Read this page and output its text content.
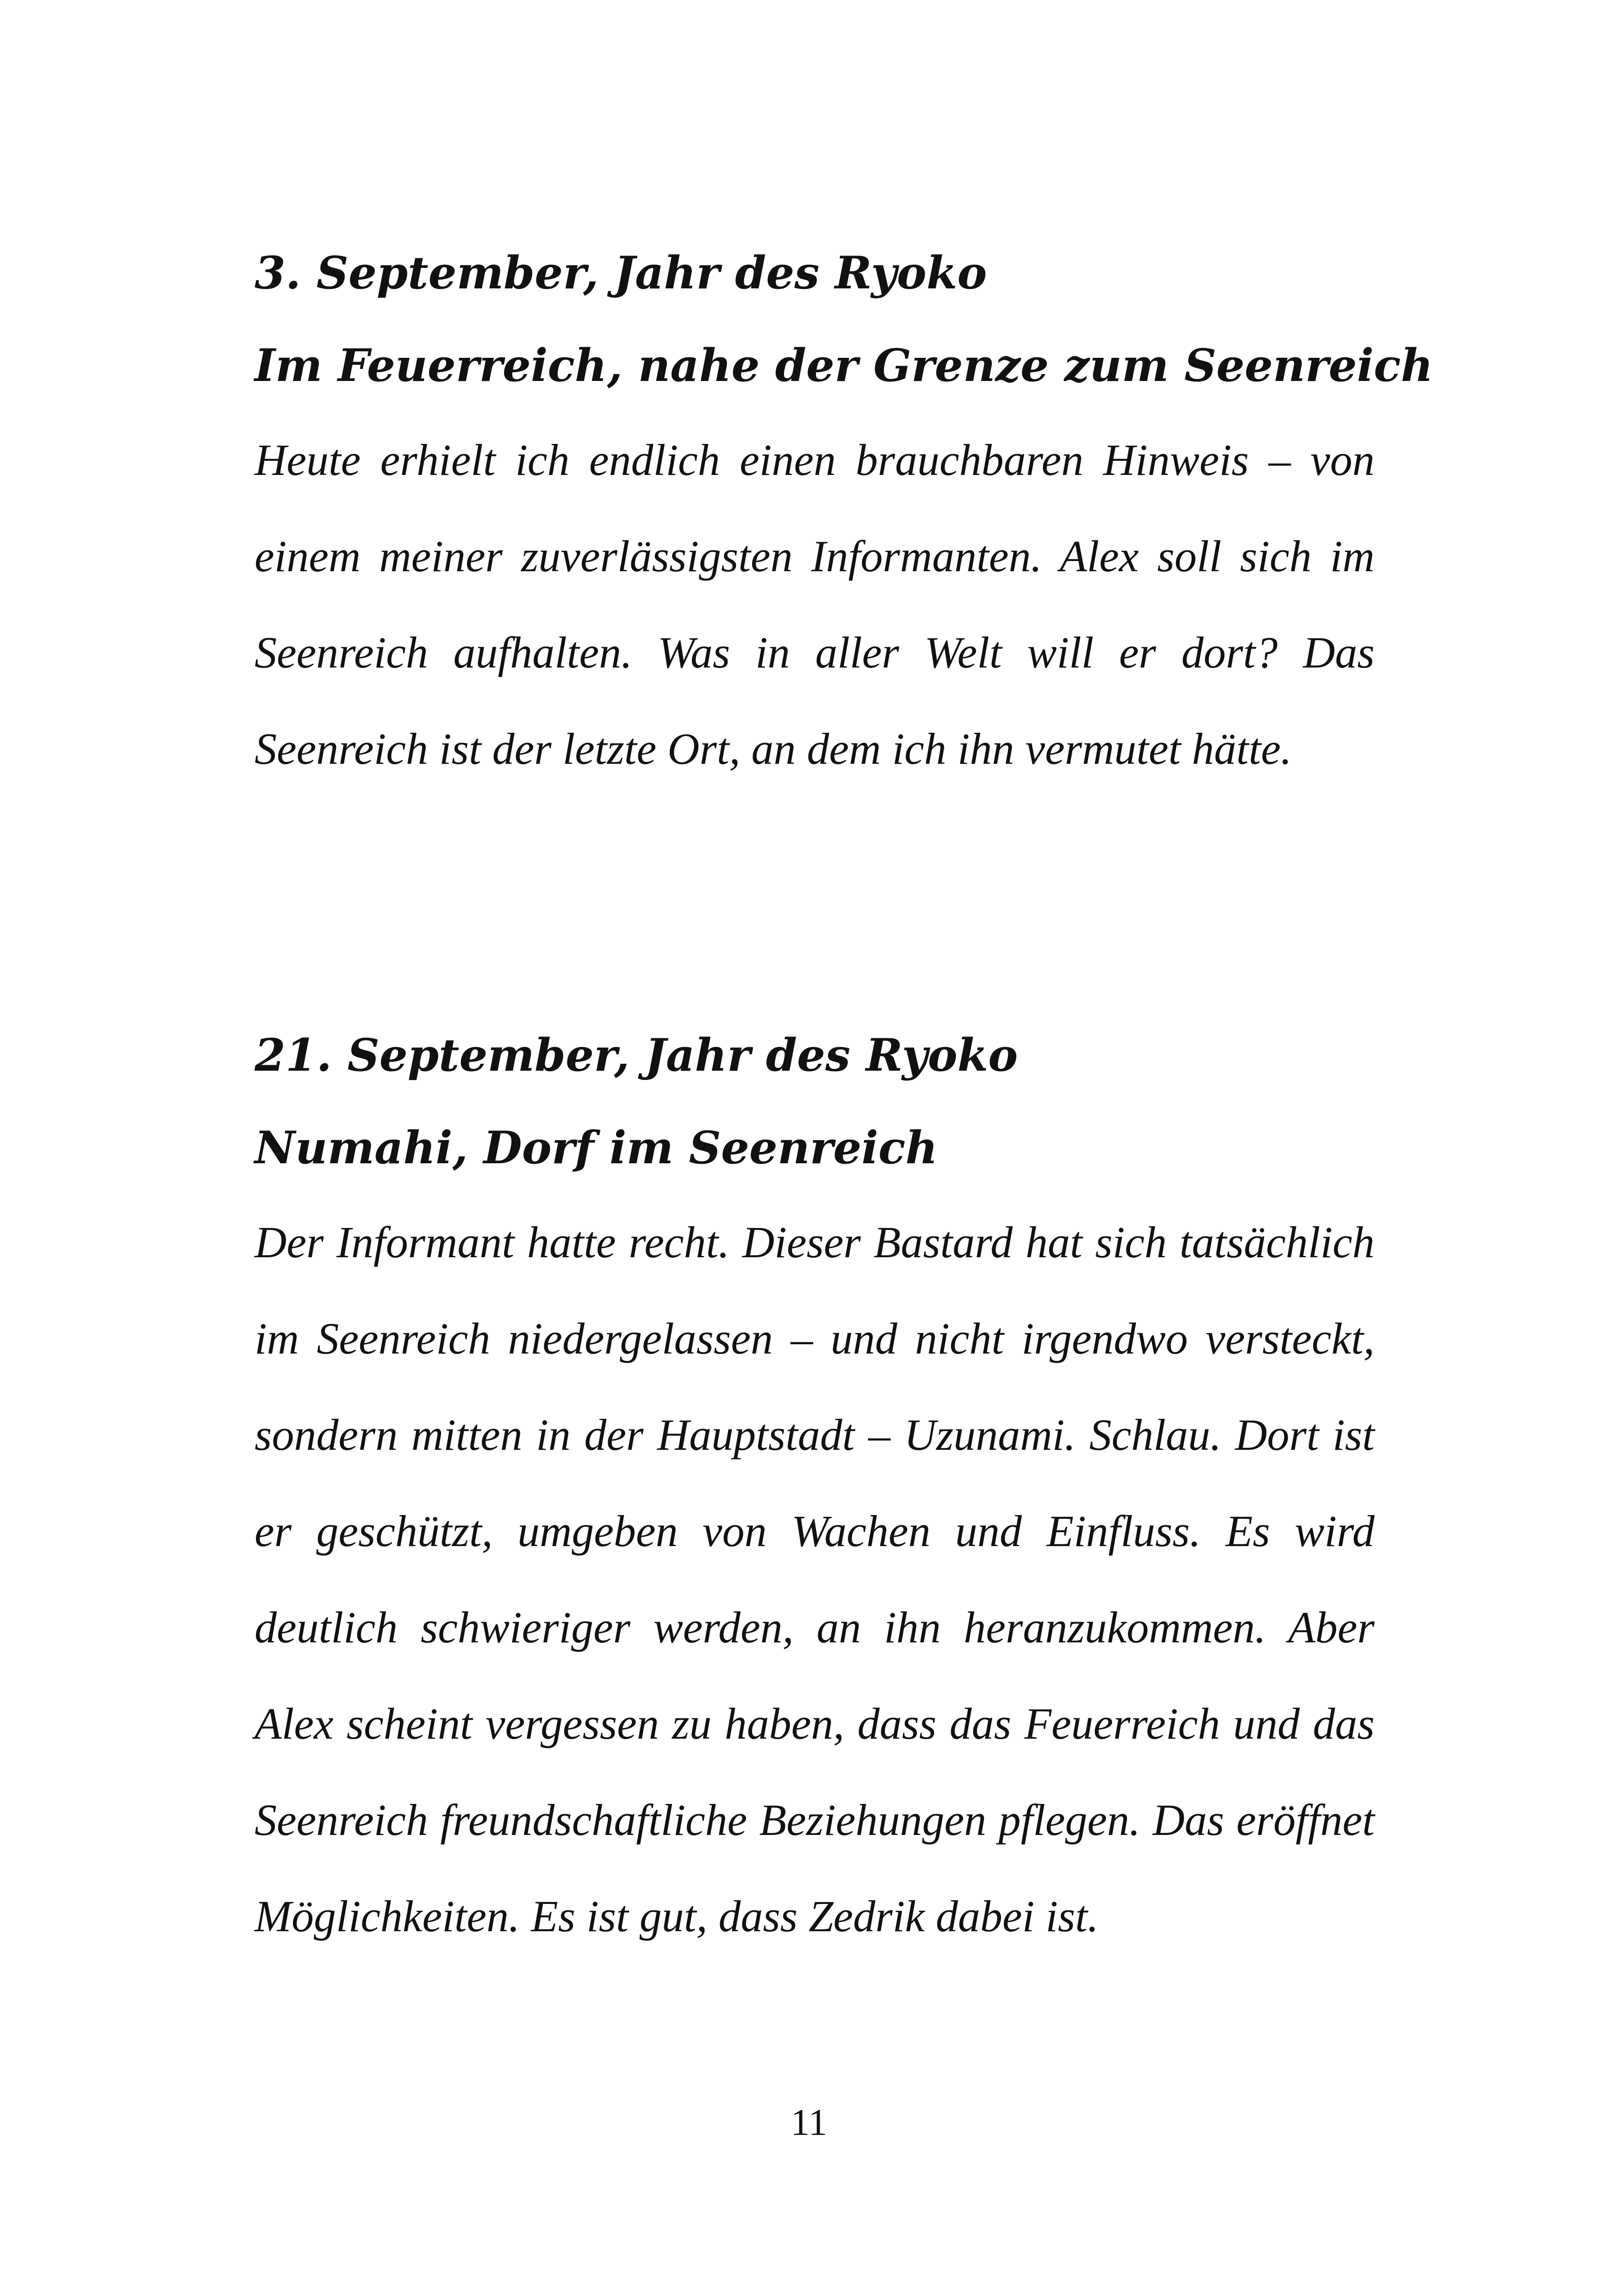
3. September, Jahr des Ryoko

Im Feuerreich, nahe der Grenze zum Seenreich

Heute erhielt ich endlich einen brauchbaren Hinweis – von einem meiner zuverlässigsten Informanten. Alex soll sich im Seenreich aufhalten. Was in aller Welt will er dort? Das Seenreich ist der letzte Ort, an dem ich ihn vermutet hätte.

21. September, Jahr des Ryoko

Numahi, Dorf im Seenreich

Der Informant hatte recht. Dieser Bastard hat sich tatsächlich im Seenreich niedergelassen – und nicht irgendwo versteckt, sondern mitten in der Hauptstadt – Uzunami. Schlau. Dort ist er geschützt, umgeben von Wachen und Einfluss. Es wird deutlich schwieriger werden, an ihn heranzukommen. Aber Alex scheint vergessen zu haben, dass das Feuerreich und das Seenreich freundschaftliche Beziehungen pflegen. Das eröffnet Möglichkeiten. Es ist gut, dass Zedrik dabei ist.

11
